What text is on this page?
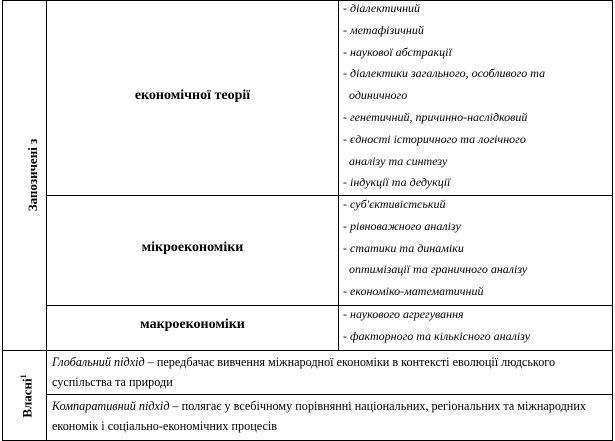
Запозичені з
Власні$^1$
економічної теорії
мікроекономіки
макроекономіки
- діалектичний
- метафізичний
- наукової абстракції
- діалектики загального, особливого та
одиничного
- генетичний, причинно-наслідковий
- єдності історичного та логічного
аналізу та синтезу
- індукції та дедукції
- суб'єктивістський
- рівноважного аналізу
- статики та динаміки
оптимізації та граничного аналізу
- економіко-математичний
- наукового агрегування
- факторного та кількісного аналізу
Глобальний підхід – передбачає вивчення міжнародної економіки в контексті еволюції людського суспільства та природи
Компаративний підхід – полягає у всебічному порівнянні національних, регіональних та міжнародних економік і соціально-економічних процесів
